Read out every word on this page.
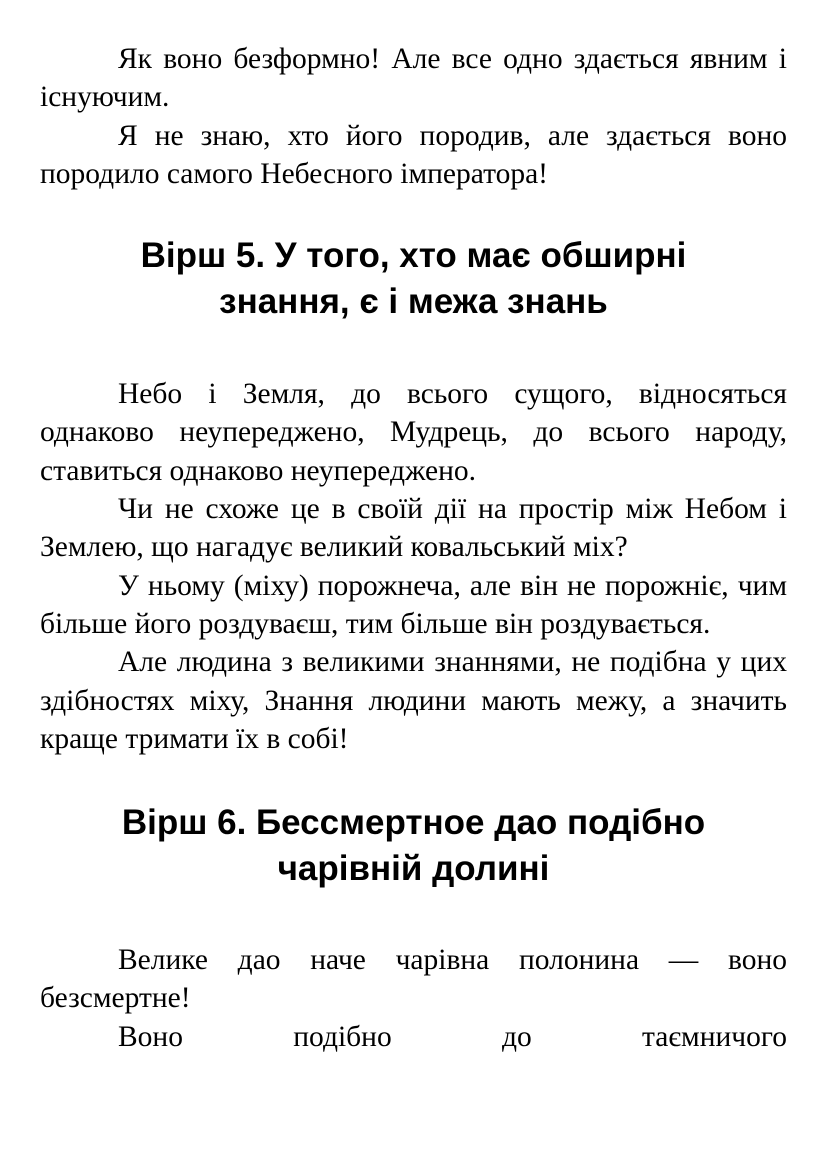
Як воно безформно! Але все одно здається явним і існуючим.

Я не знаю, хто його породив, але здається воно породило самого Небесного імператора!

Вірш 5. У того, хто має обширні
знання, є і межа знань

Небо і Земля, до всього сущого, відносяться однаково неупереджено, Мудрець, до всього народу, ставиться однаково неупереджено.

Чи не схоже це в своїй дії на простір між Небом і Землею, що нагадує великий ковальський міх?

У ньому (міху) порожнеча, але він не порожніє, чим більше його роздуваєш, тим більше він роздувається.

Але людина з великими знаннями, не подібна у цих здібностях міху, Знання людини мають межу, а значить краще тримати їх в собі!

Вірш 6. Бессмертное дао подібно
чарівній долині

Велике дао наче чарівна полонина — воно безсмертне!

Воно подібно до таємничого
